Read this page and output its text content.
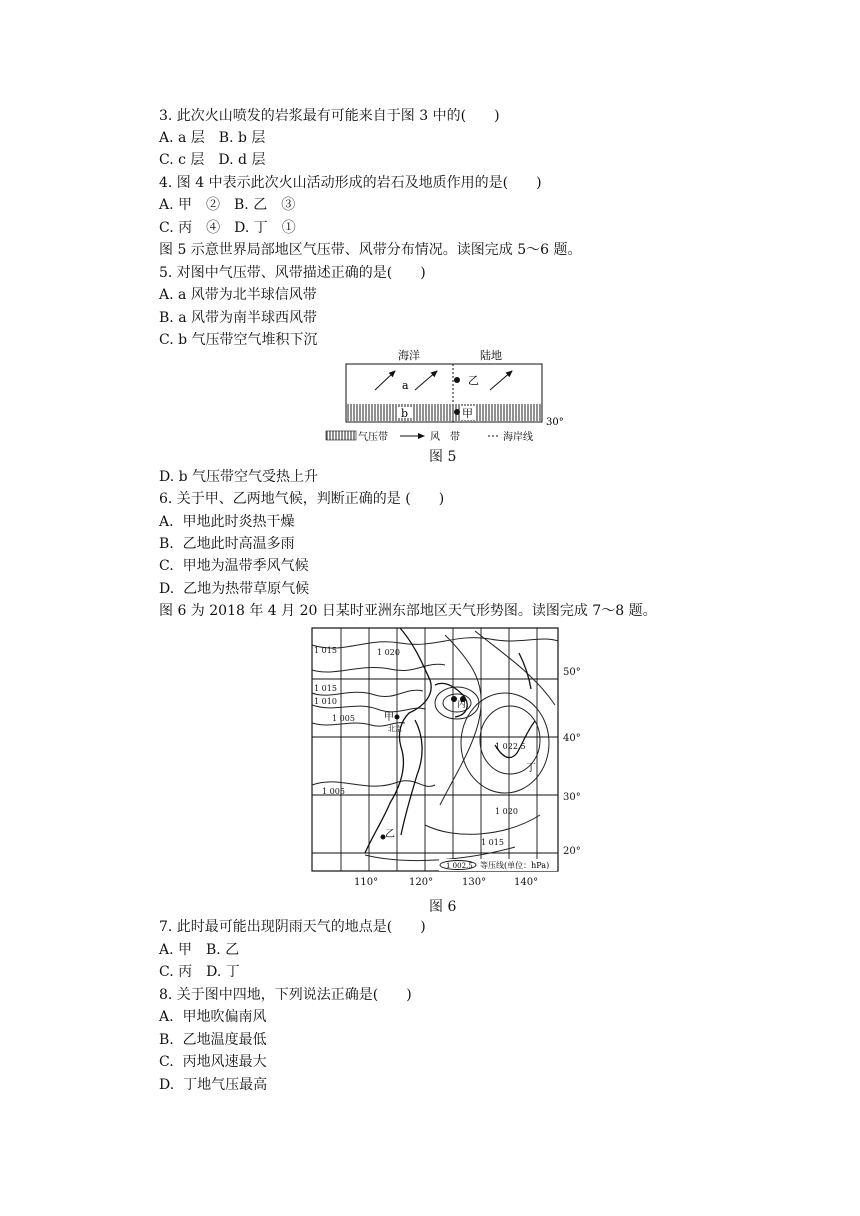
3. 此次火山喷发的岩浆最有可能来自于图 3 中的(　　)
A. a 层　B. b 层
C. c 层　D. d 层
4. 图 4 中表示此次火山活动形成的岩石及地质作用的是(　　)
A. 甲　②　B. 乙　③
C. 丙　④　D. 丁　①
图 5 示意世界局部地区气压带、风带分布情况。读图完成 5～6 题。
5. 对图中气压带、风带描述正确的是(　　)
A. a 风带为北半球信风带
B. a 风带为南半球西风带
C. b 气压带空气堆积下沉
海洋	陆地
b
a	乙
甲
30°
气压带	风　带	海岸线
图 5
D. b 气压带空气受热上升
6. 关于甲、乙两地气候，判断正确的是 (　　)
A.  甲地此时炎热干燥
B.  乙地此时高温多雨
C.  甲地为温带季风气候
D.  乙地为热带草原气候
图 6 为 2018 年 4 月 20 日某时亚洲东部地区天气形势图。读图完成 7～8 题。
1 015	1 020
1 015
1 010
1 005
1 005
1 022.5
1 020
1 015
甲
北京
乙
丙
丁
50°
40°
30°
20°
110°	120°	130°	140°
1 002.5 等压线(单位：hPa)
图 6
7. 此时最可能出现阴雨天气的地点是(　　)
A. 甲　B. 乙
C. 丙　D. 丁
8. 关于图中四地，下列说法正确是(　　)
A.  甲地吹偏南风
B.  乙地温度最低
C.  丙地风速最大
D.  丁地气压最高
